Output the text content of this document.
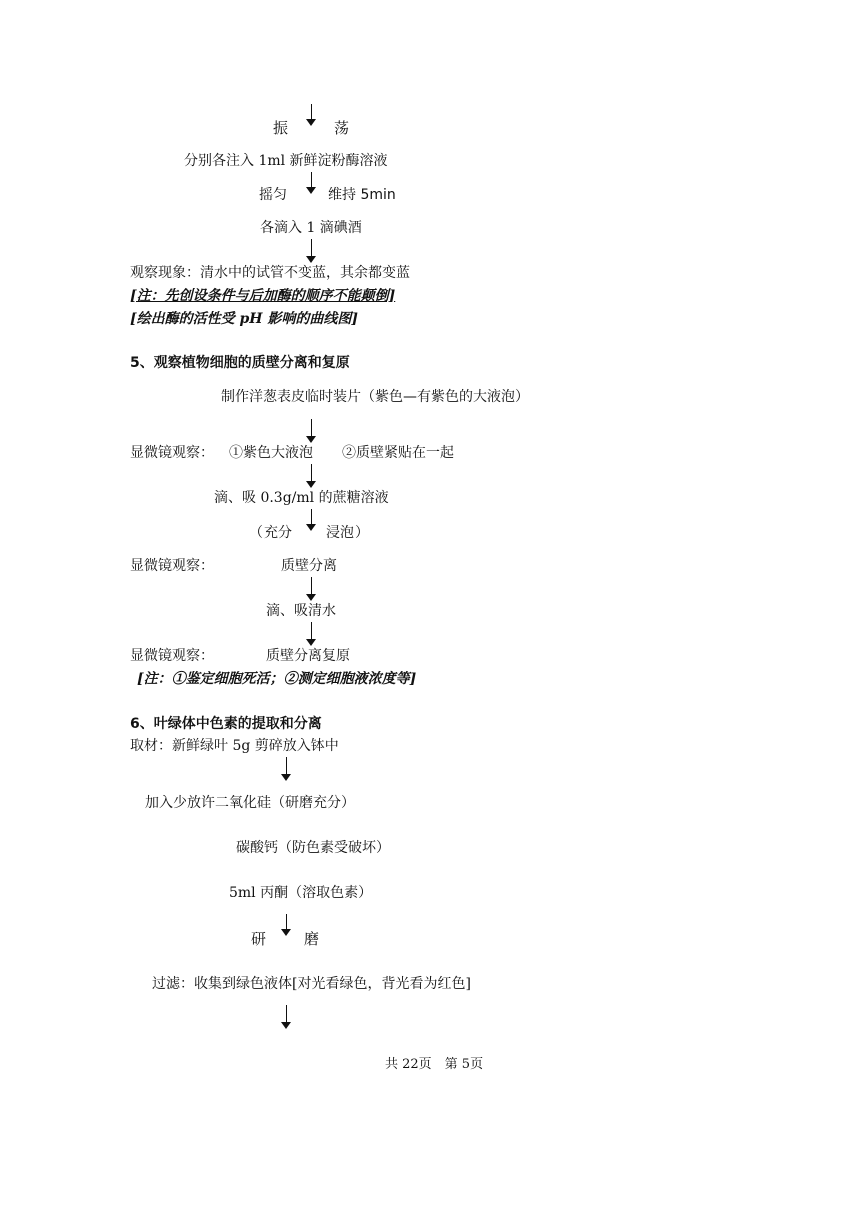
振	荡
分别各注入 1ml 新鲜淀粉酶溶液
摇匀	维持 5min
各滴入 1 滴碘酒
观察现象：清水中的试管不变蓝，其余都变蓝
[注：先创设条件与后加酶的顺序不能颠倒]
[绘出酶的活性受 pH 影响的曲线图]
5、观察植物细胞的质壁分离和复原
制作洋葱表皮临时装片（紫色—有紫色的大液泡）
显微镜观察： ①紫色大液泡 ②质壁紧贴在一起
滴、吸 0.3g/ml 的蔗糖溶液
（ 充分 浸泡 ）
显微镜观察：	质壁分离
滴、吸清水
显微镜观察：	质壁分离复原
[注：①鉴定细胞死活；②测定细胞液浓度等]
6、叶绿体中色素的提取和分离
取材：新鲜绿叶 5g 剪碎放入钵中
加入少放许二氧化硅（研磨充分）
碳酸钙（防色素受破坏）
5ml 丙酮（溶取色素）
研	磨
过滤：收集到绿色液体[对光看绿色，背光看为红色]
共 22页　第 5页
